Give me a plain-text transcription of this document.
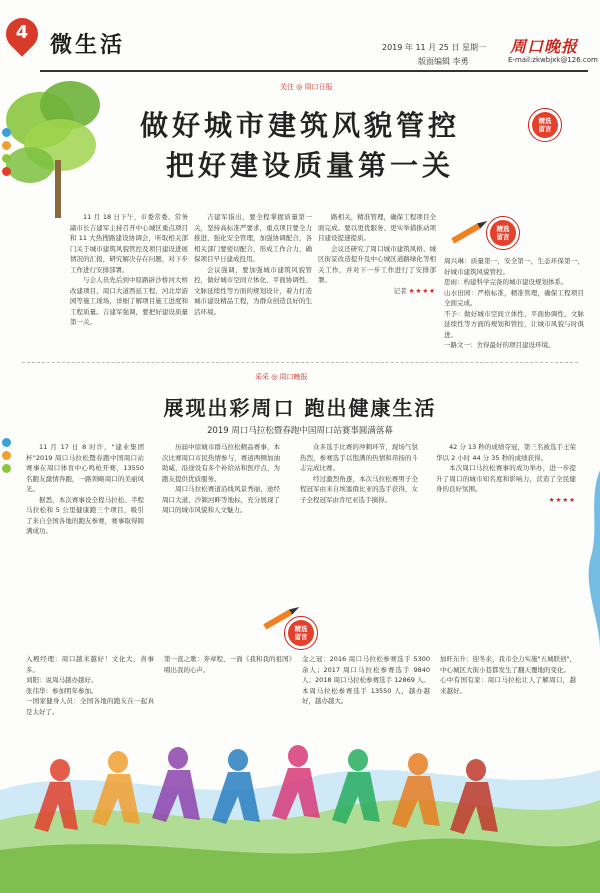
4
微生活	2019 年 11 月 25 日 星期一 周口晚报
版面编辑 李勇	E-mail:zkwbjxk@126.com
关注 ◎ 周口日报
做好城市建筑风貌管控
把好建设质量第一关
精选
留言

11 月 18 日下午，市委常委、常务副市长吉建军主持召开中心城区重点项目和 11 大热搜路建设协调会，听取相关部门关于城市建筑风貌管控及项目建设进展情况的汇报，研究解决存在问题，对下步工作进行安排部署。

与会人员先后到中原路辟沙桥河大桥改建项目、周口大道西延工程、河北岸游园等施工现场，详细了解项目施工进度和工程质量。吉建军强调，要把好建设质量第一关。

吉建军指出，要全程掌握质量第一关，坚持高标准严要求，重点项目要全力推进，强化安全管理，加强协调配合，各相关部门要密切配合，形成工作合力，确保项目早日建成投用。

会议强调，要加强城市建筑风貌管控，做好城市空间立体化、平面协调性、文脉延续性等方面的规划设计，着力打造城市建设精品工程，为群众创造良好的生活环境。

路相关，精准管理，确保工程项目全面完成。要以更优服务、更实举措推动项目建设提速提质。

会议还研究了周口城市建筑风格、城区街景改造提升及中心城区道路绿化等相关工作，并对下一步工作进行了安排部署。

记者 ★★★★

精选
留言

周兴琳：质量第一，安全第一，生态环保第一，好城市建筑风貌管控。

思雨：构建科学完备的城市建设规划体系。

山水田园：严格标准，精准管理，确保工程项目全面完成。

不予：做好城市空间立体性、平面协调性、文脉延续性等方面的规划和管控，让城市风貌与时俱进。

一路文一：舍得最好的项目建设环境。

采采 ◎ 周口晚报
展现出彩周口 跑出健康生活
2019 周口马拉松暨春跑中国周口站赛事圆满落幕

11 月 17 日 8 时许，"建业集团杯"2019 周口马拉松暨春跑中国周口站赛事在周口体育中心鸣枪开赛，13550 名跑友激情奔跑，一路领略周口的美丽风光。

据悉，本次赛事设全程马拉松、半程马拉松和 5 公里健康跑三个项目，吸引了来自全国各地的跑友参赛，赛事取得圆满成功。

历届中原城市群马拉松精品赛事，本次比赛周口市民热情参与，赛道两侧加油助威，沿途设有多个补给站和医疗点，为跑友提供优质服务。

周口马拉松赛道沿线风景秀丽，途经周口大道、沙颍河畔等地标，充分展现了周口的城市风貌和人文魅力。

众多选手比赛的冲刺环节，现场气氛热烈，参赛选手以饱满的热情和昂扬的斗志完成比赛。

经过激烈角逐，本次马拉松赛男子全程冠军由来自埃塞俄比亚的选手获得，女子全程冠军由肯尼亚选手摘得。

42 分 13 秒的成绩夺冠，第三名被选手王荣华以 2 小时 44 分 35 秒的成绩获得。

本次周口马拉松赛事的成功举办，进一步提升了周口的城市知名度和影响力，营造了全民健身的良好氛围。

★★★★

精选
留言

入殿经理：周口越来越好！文化大，喜事多。

刘阳：说周马越办越好。

张伟华：参加明年参加。

一国家健身人员：全国各地的跑友在一起真是太好了。

第一直之歌：奔章程，一面《我和我的祖国》唱出我的心声。

金之冠：2016 周口马拉松参赛选手 5300 余人；2017 周口马拉松参赛选手 9840 人；2018 周口马拉松参赛选手 12869 人。

本周马拉松参赛选手 13550 人，越办越好，越办越大。

加旺东升：迎冬来，我市全力实施"五城联创"，中心城区大街小巷都发生了翻天覆地的变化。

心中有国有家：周口马拉松让人了解周口，越来越好。
